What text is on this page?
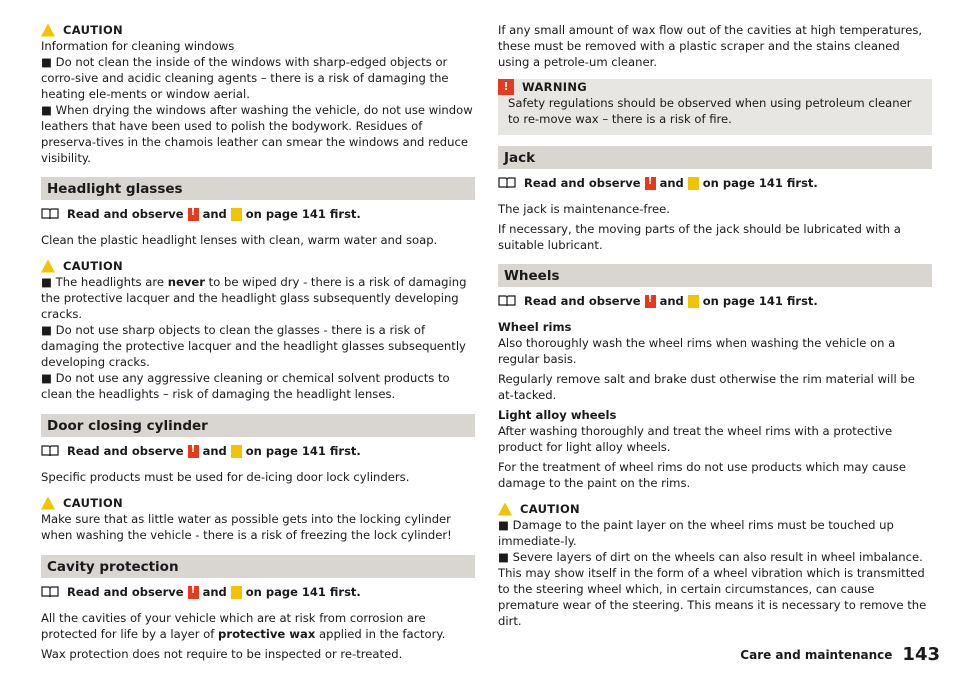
CAUTION

Information for cleaning windows

■ Do not clean the inside of the windows with sharp-edged objects or corro-sive and acidic cleaning agents – there is a risk of damaging the heating ele-ments or window aerial.

■ When drying the windows after washing the vehicle, do not use window leathers that have been used to polish the bodywork. Residues of preserva-tives in the chamois leather can smear the windows and reduce visibility.

Headlight glasses
Read and observe ! and on page 141 first.

Clean the plastic headlight lenses with clean, warm water and soap.

CAUTION

■ The headlights are never to be wiped dry - there is a risk of damaging the protective lacquer and the headlight glass subsequently developing cracks.

■ Do not use sharp objects to clean the glasses - there is a risk of damaging the protective lacquer and the headlight glasses subsequently developing cracks.

■ Do not use any aggressive cleaning or chemical solvent products to clean the headlights – risk of damaging the headlight lenses.

Door closing cylinder
Read and observe ! and on page 141 first.

Specific products must be used for de-icing door lock cylinders.

CAUTION

Make sure that as little water as possible gets into the locking cylinder when washing the vehicle - there is a risk of freezing the lock cylinder!

Cavity protection
Read and observe ! and on page 141 first.

All the cavities of your vehicle which are at risk from corrosion are protected for life by a layer of protective wax applied in the factory.

Wax protection does not require to be inspected or re-treated.

If any small amount of wax flow out of the cavities at high temperatures, these must be removed with a plastic scraper and the stains cleaned using a petrole-um cleaner.

!	WARNING

Safety regulations should be observed when using petroleum cleaner to re-move wax – there is a risk of fire.

Jack
Read and observe ! and on page 141 first.

The jack is maintenance-free.

If necessary, the moving parts of the jack should be lubricated with a suitable lubricant.

Wheels
Read and observe ! and on page 141 first.

Wheel rims

Also thoroughly wash the wheel rims when washing the vehicle on a regular basis.

Regularly remove salt and brake dust otherwise the rim material will be at-tacked.

Light alloy wheels

After washing thoroughly and treat the wheel rims with a protective product for light alloy wheels.

For the treatment of wheel rims do not use products which may cause damage to the paint on the rims.

CAUTION

■ Damage to the paint layer on the wheel rims must be touched up immediate-ly.

■ Severe layers of dirt on the wheels can also result in wheel imbalance. This may show itself in the form of a wheel vibration which is transmitted to the steering wheel which, in certain circumstances, can cause premature wear of the steering. This means it is necessary to remove the dirt.

Care and maintenance 143
